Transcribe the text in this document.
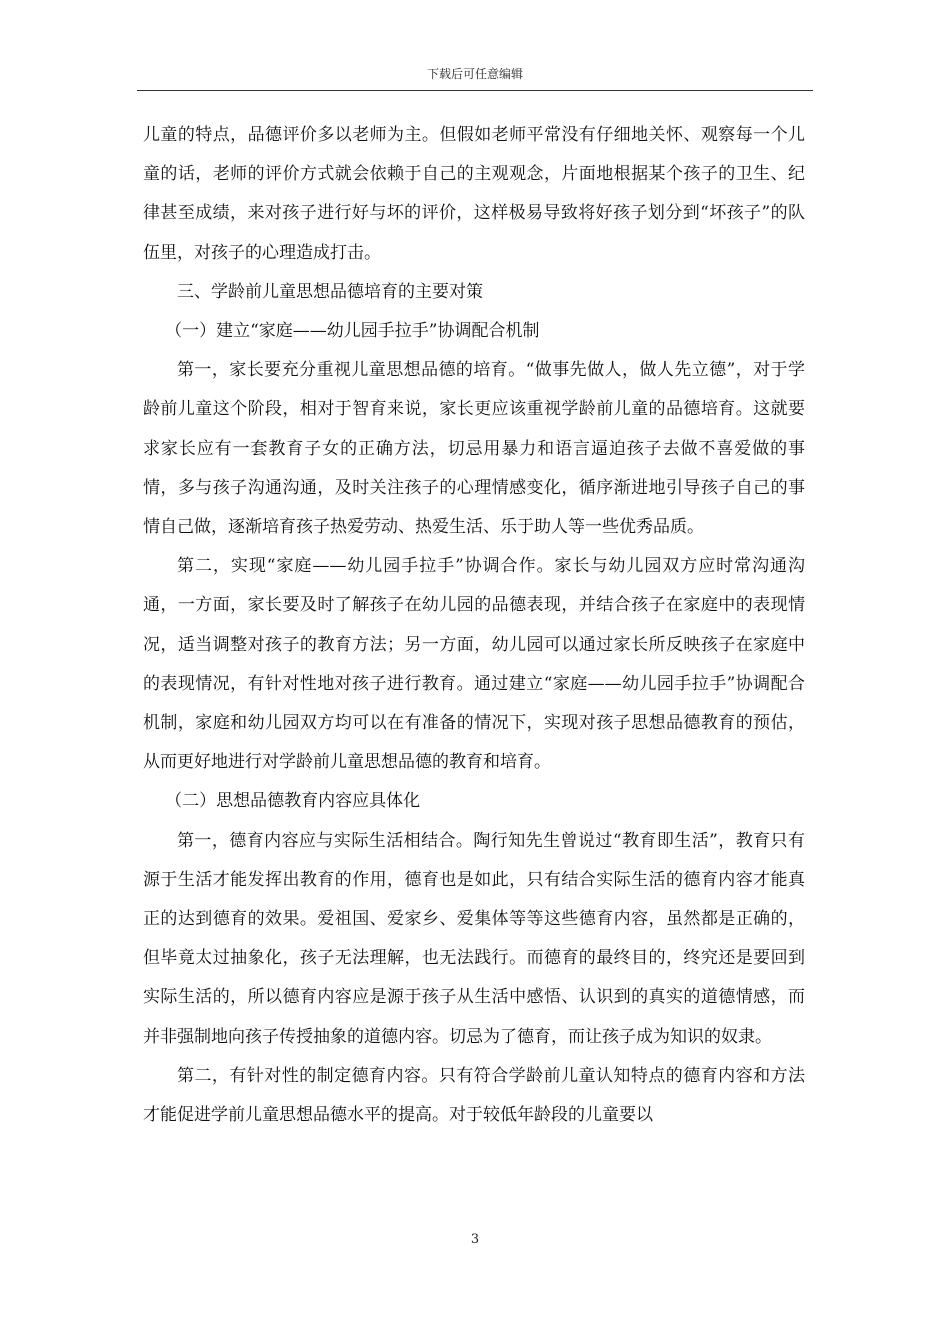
下载后可任意编辑

儿童的特点，品德评价多以老师为主。但假如老师平常没有仔细地关怀、观察每一个儿童的话，老师的评价方式就会依赖于自己的主观观念，片面地根据某个孩子的卫生、纪律甚至成绩，来对孩子进行好与坏的评价，这样极易导致将好孩子划分到“坏孩子”的队伍里，对孩子的心理造成打击。

三、学龄前儿童思想品德培育的主要对策

（一）建立“家庭——幼儿园手拉手”协调配合机制

第一，家长要充分重视儿童思想品德的培育。“做事先做人，做人先立德”，对于学龄前儿童这个阶段，相对于智育来说，家长更应该重视学龄前儿童的品德培育。这就要求家长应有一套教育子女的正确方法，切忌用暴力和语言逼迫孩子去做不喜爱做的事情，多与孩子沟通沟通，及时关注孩子的心理情感变化，循序渐进地引导孩子自己的事情自己做，逐渐培育孩子热爱劳动、热爱生活、乐于助人等一些优秀品质。

第二，实现“家庭——幼儿园手拉手”协调合作。家长与幼儿园双方应时常沟通沟通，一方面，家长要及时了解孩子在幼儿园的品德表现，并结合孩子在家庭中的表现情况，适当调整对孩子的教育方法；另一方面，幼儿园可以通过家长所反映孩子在家庭中的表现情况，有针对性地对孩子进行教育。通过建立“家庭——幼儿园手拉手”协调配合机制，家庭和幼儿园双方均可以在有准备的情况下，实现对孩子思想品德教育的预估，从而更好地进行对学龄前儿童思想品德的教育和培育。

（二）思想品德教育内容应具体化

第一，德育内容应与实际生活相结合。陶行知先生曾说过“教育即生活”，教育只有源于生活才能发挥出教育的作用，德育也是如此，只有结合实际生活的德育内容才能真正的达到德育的效果。爱祖国、爱家乡、爱集体等等这些德育内容，虽然都是正确的，但毕竟太过抽象化，孩子无法理解，也无法践行。而德育的最终目的，终究还是要回到实际生活的，所以德育内容应是源于孩子从生活中感悟、认识到的真实的道德情感，而并非强制地向孩子传授抽象的道德内容。切忌为了德育，而让孩子成为知识的奴隶。

第二，有针对性的制定德育内容。只有符合学龄前儿童认知特点的德育内容和方法才能促进学前儿童思想品德水平的提高。对于较低年龄段的儿童要以

3
